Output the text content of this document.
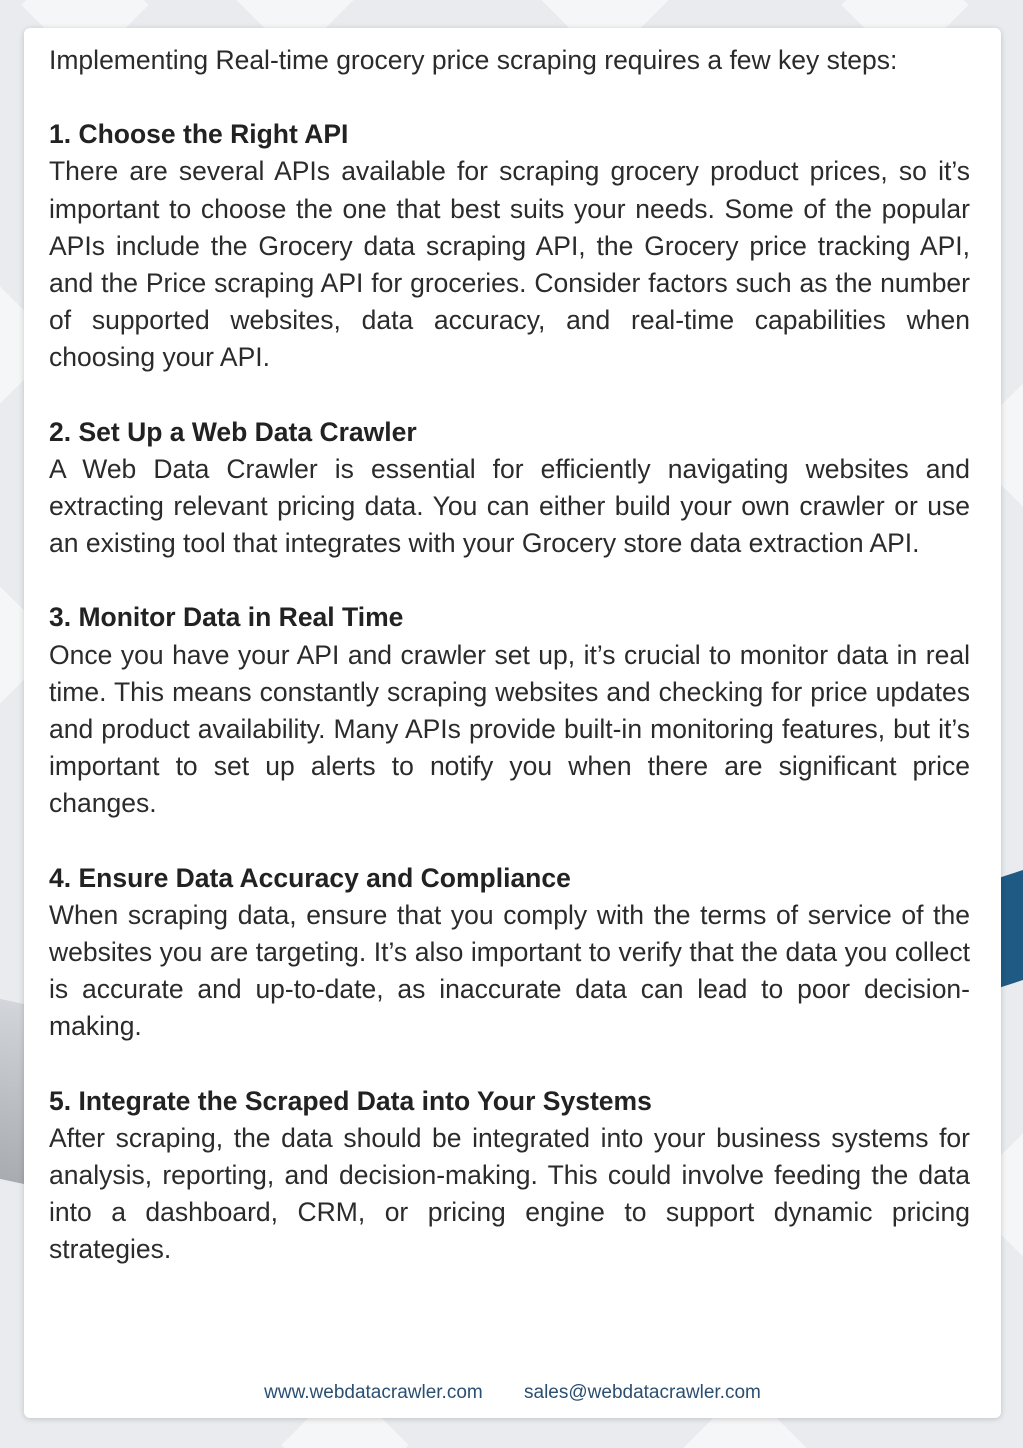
Implementing Real-time grocery price scraping requires a few key steps:

1. Choose the Right API

There are several APIs available for scraping grocery product prices, so it’s important to choose the one that best suits your needs. Some of the popular APIs include the Grocery data scraping API, the Grocery price tracking API, and the Price scraping API for groceries. Consider factors such as the number of supported websites, data accuracy, and real-time capabilities when choosing your API.

2. Set Up a Web Data Crawler

A Web Data Crawler is essential for efficiently navigating websites and extracting relevant pricing data. You can either build your own crawler or use an existing tool that integrates with your Grocery store data extraction API.

3. Monitor Data in Real Time

Once you have your API and crawler set up, it’s crucial to monitor data in real time. This means constantly scraping websites and checking for price updates and product availability. Many APIs provide built-in monitoring features, but it’s important to set up alerts to notify you when there are significant price changes.

4. Ensure Data Accuracy and Compliance

When scraping data, ensure that you comply with the terms of service of the websites you are targeting. It’s also important to verify that the data you collect is accurate and up-to-date, as inaccurate data can lead to poor decision-making.

5. Integrate the Scraped Data into Your Systems

After scraping, the data should be integrated into your business systems for analysis, reporting, and decision-making. This could involve feeding the data into a dashboard, CRM, or pricing engine to support dynamic pricing strategies.

www.webdatacrawler.com sales@webdatacrawler.com
